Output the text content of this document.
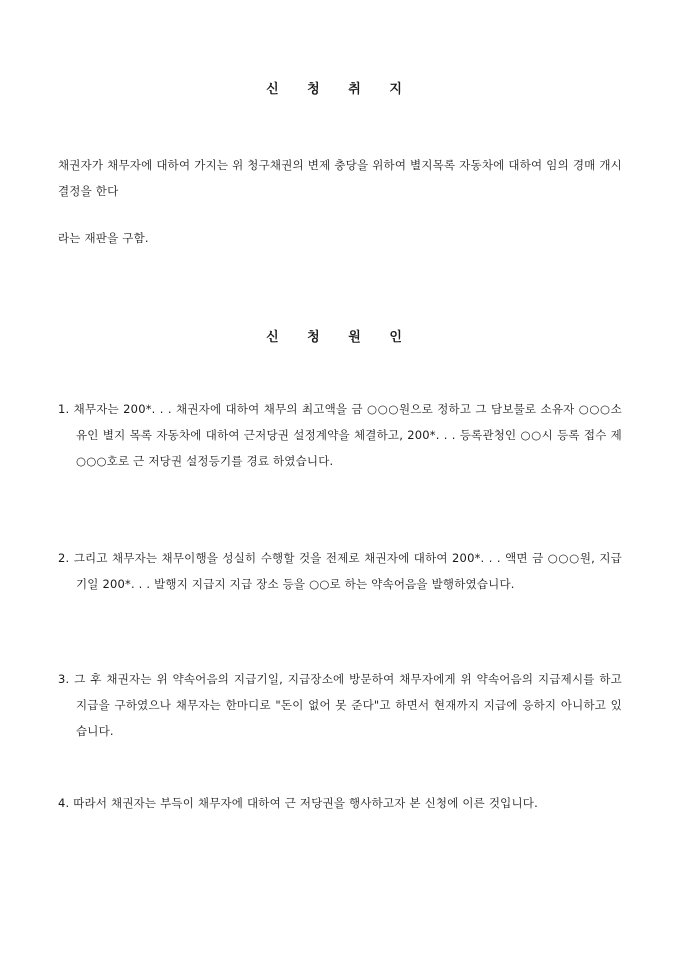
신 청 취 지
채권자가 채무자에 대하여 가지는 위 청구채권의 변제 충당을 위하여 별지목록 자동차에 대하여 임의 경매 개시 결정을 한다
라는 재판을 구함.
신 청 원 인
1. 채무자는 200*. . . 채권자에 대하여 채무의 최고액을 금 ○○○원으로 정하고 그 담보물로 소유자 ○○○소유인 별지 목록 자동차에 대하여 근저당권 설정계약을 체결하고, 200*. . . 등록관청인 ○○시 등록 접수 제 ○○○호로 근 저당권 설정등기를 경료 하였습니다.
2. 그리고 채무자는 채무이행을 성실히 수행할 것을 전제로 채권자에 대하여 200*. . . 액면 금 ○○○원, 지급기일 200*. . . 발행지 지급지 지급 장소 등을 ○○로 하는 약속어음을 발행하였습니다.
3. 그 후 채권자는 위 약속어음의 지급기일, 지급장소에 방문하여 채무자에게 위 약속어음의 지급제시를 하고 지급을 구하였으나 채무자는 한마디로 "돈이 없어 못 준다"고 하면서 현재까지 지급에 응하지 아니하고 있습니다.
4. 따라서 채권자는 부득이 채무자에 대하여 근 저당권을 행사하고자 본 신청에 이른 것입니다.
